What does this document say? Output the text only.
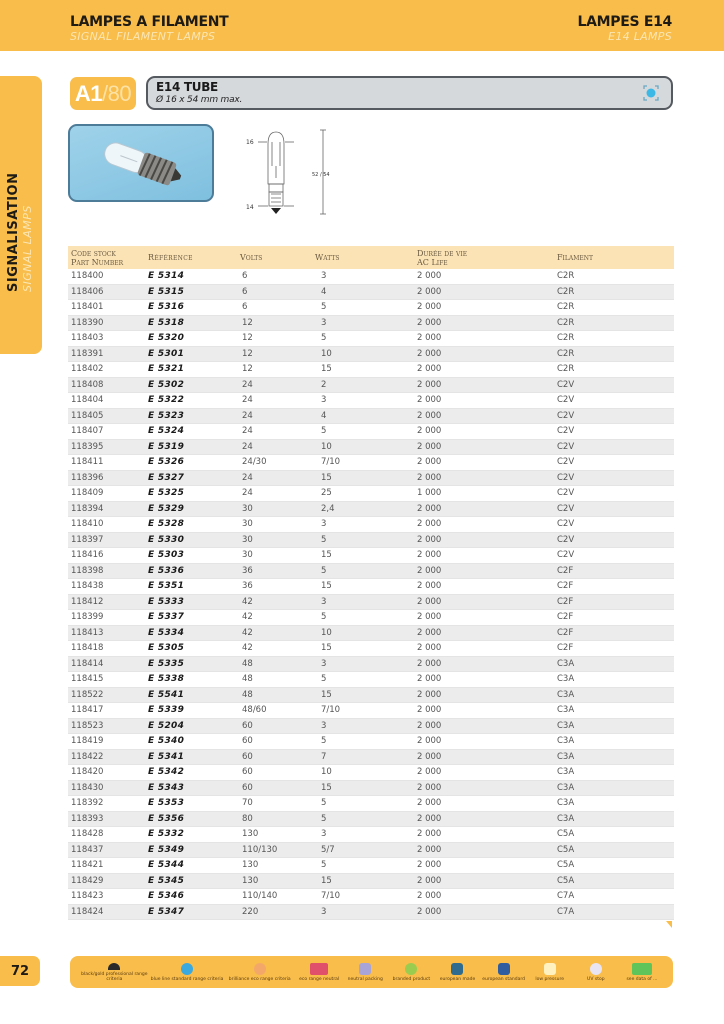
LAMPES A FILAMENT
SIGNAL FILAMENT LAMPS
LAMPES E14
E14 LAMPS
SIGNALISATION SIGNAL LAMPS
A1 /80 E14 TUBE
Ø 16 x 54 mm max.
16
52 / 54
14
Code stock
Part Number	Référence	Volts	Watts	Durée de vie
AC Life	Filament
118400	E 5314	6	3	2 000	C2R
118406	E 5315	6	4	2 000	C2R
118401	E 5316	6	5	2 000	C2R
118390	E 5318	12	3	2 000	C2R
118403	E 5320	12	5	2 000	C2R
118391	E 5301	12	10	2 000	C2R
118402	E 5321	12	15	2 000	C2R
118408	E 5302	24	2	2 000	C2V
118404	E 5322	24	3	2 000	C2V
118405	E 5323	24	4	2 000	C2V
118407	E 5324	24	5	2 000	C2V
118395	E 5319	24	10	2 000	C2V
118411	E 5326	24/30	7/10	2 000	C2V
118396	E 5327	24	15	2 000	C2V
118409	E 5325	24	25	1 000	C2V
118394	E 5329	30	2,4	2 000	C2V
118410	E 5328	30	3	2 000	C2V
118397	E 5330	30	5	2 000	C2V
118416	E 5303	30	15	2 000	C2V
118398	E 5336	36	5	2 000	C2F
118438	E 5351	36	15	2 000	C2F
118412	E 5333	42	3	2 000	C2F
118399	E 5337	42	5	2 000	C2F
118413	E 5334	42	10	2 000	C2F
118418	E 5305	42	15	2 000	C2F
118414	E 5335	48	3	2 000	C3A
118415	E 5338	48	5	2 000	C3A
118522	E 5541	48	15	2 000	C3A
118417	E 5339	48/60	7/10	2 000	C3A
118523	E 5204	60	3	2 000	C3A
118419	E 5340	60	5	2 000	C3A
118422	E 5341	60	7	2 000	C3A
118420	E 5342	60	10	2 000	C3A
118430	E 5343	60	15	2 000	C3A
118392	E 5353	70	5	2 000	C3A
118393	E 5356	80	5	2 000	C3A
118428	E 5332	130	3	2 000	C5A
118437	E 5349	110/130	5/7	2 000	C5A
118421	E 5344	130	5	2 000	C5A
118429	E 5345	130	15	2 000	C5A
118423	E 5346	110/140	7/10	2 000	C7A
118424	E 5347	220	3	2 000	C7A
72	black/gold professional range criteria	blue line standard range criteria brilliance eco range criteria eco range neutral neutral packing branded product european made european standard low pressure	UV stop	see data of ...
